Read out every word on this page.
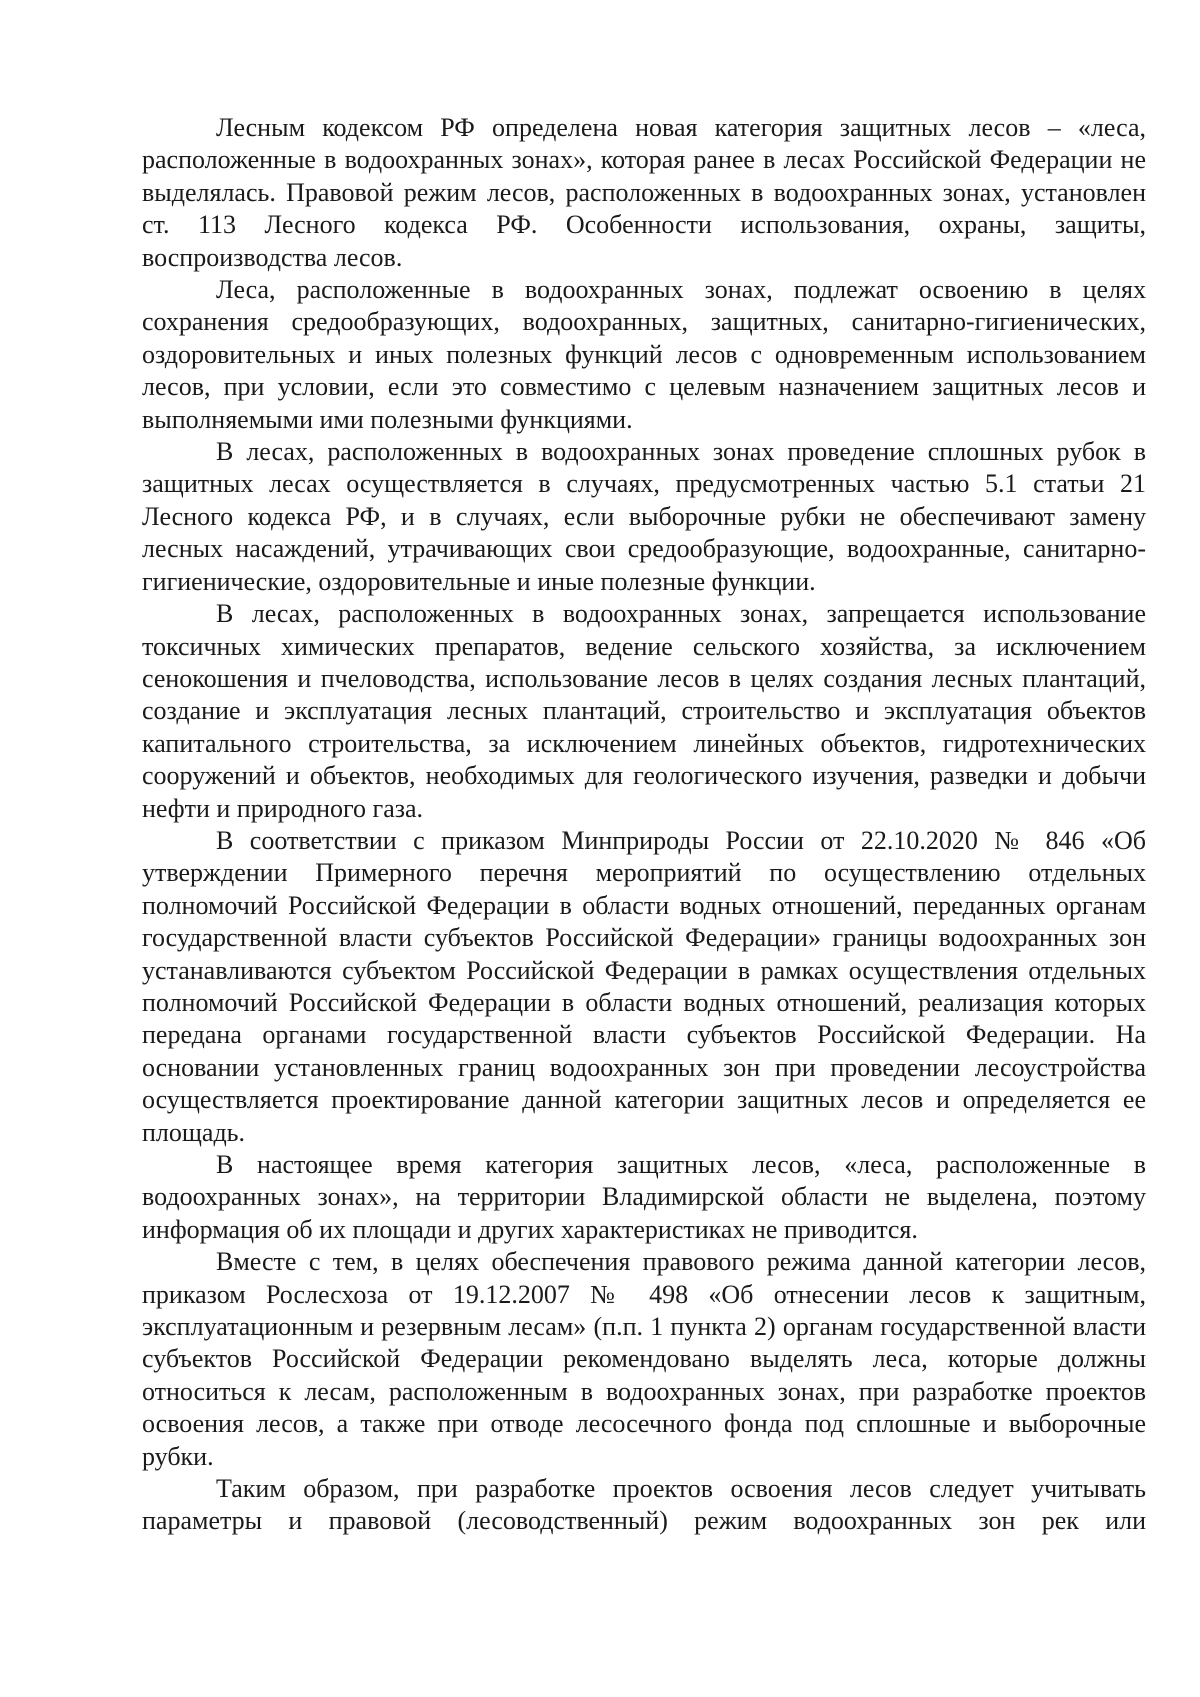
Лесным кодексом РФ определена новая категория защитных лесов – «леса, расположенные в водоохранных зонах», которая ранее в лесах Российской Федерации не выделялась. Правовой режим лесов, расположенных в водоохранных зонах, установлен ст. 113 Лесного кодекса РФ. Особенности использования, охраны, защиты, воспроизводства лесов.

Леса, расположенные в водоохранных зонах, подлежат освоению в целях сохранения средообразующих, водоохранных, защитных, санитарно-гигиенических, оздоровительных и иных полезных функций лесов с одновременным использованием лесов, при условии, если это совместимо с целевым назначением защитных лесов и выполняемыми ими полезными функциями.

В лесах, расположенных в водоохранных зонах проведение сплошных рубок в защитных лесах осуществляется в случаях, предусмотренных частью 5.1 статьи 21 Лесного кодекса РФ, и в случаях, если выборочные рубки не обеспечивают замену лесных насаждений, утрачивающих свои средообразующие, водоохранные, санитарно-гигиенические, оздоровительные и иные полезные функции.

В лесах, расположенных в водоохранных зонах, запрещается использование токсичных химических препаратов, ведение сельского хозяйства, за исключением сенокошения и пчеловодства, использование лесов в целях создания лесных плантаций, создание и эксплуатация лесных плантаций, строительство и эксплуатация объектов капитального строительства, за исключением линейных объектов, гидротехнических сооружений и объектов, необходимых для геологического изучения, разведки и добычи нефти и природного газа.

В соответствии с приказом Минприроды России от 22.10.2020 № 846 «Об утверждении Примерного перечня мероприятий по осуществлению отдельных полномочий Российской Федерации в области водных отношений, переданных органам государственной власти субъектов Российской Федерации» границы водоохранных зон устанавливаются субъектом Российской Федерации в рамках осуществления отдельных полномочий Российской Федерации в области водных отношений, реализация которых передана органами государственной власти субъектов Российской Федерации. На основании установленных границ водоохранных зон при проведении лесоустройства осуществляется проектирование данной категории защитных лесов и определяется ее площадь.

В настоящее время категория защитных лесов, «леса, расположенные в водоохранных зонах», на территории Владимирской области не выделена, поэтому информация об их площади и других характеристиках не приводится.

Вместе с тем, в целях обеспечения правового режима данной категории лесов, приказом Рослесхоза от 19.12.2007 № 498 «Об отнесении лесов к защитным, эксплуатационным и резервным лесам» (п.п. 1 пункта 2) органам государственной власти субъектов Российской Федерации рекомендовано выделять леса, которые должны относиться к лесам, расположенным в водоохранных зонах, при разработке проектов освоения лесов, а также при отводе лесосечного фонда под сплошные и выборочные рубки.

Таким образом, при разработке проектов освоения лесов следует учитывать параметры и правовой (лесоводственный) режим водоохранных зон рек или
